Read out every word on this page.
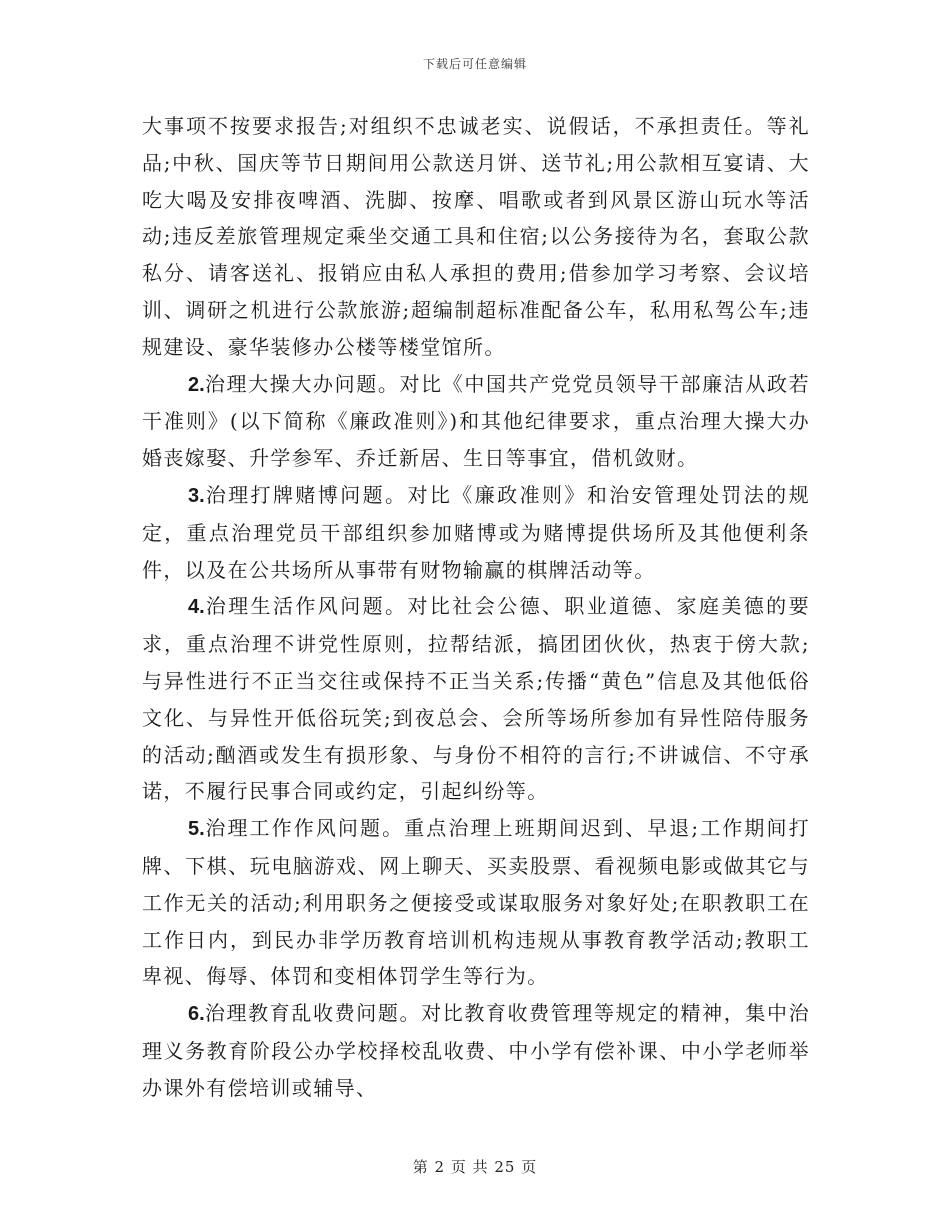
下载后可任意编辑

大事项不按要求报告;对组织不忠诚老实、说假话，不承担责任。等礼品;中秋、国庆等节日期间用公款送月饼、送节礼;用公款相互宴请、大吃大喝及安排夜啤酒、洗脚、按摩、唱歌或者到风景区游山玩水等活动;违反差旅管理规定乘坐交通工具和住宿;以公务接待为名，套取公款私分、请客送礼、报销应由私人承担的费用;借参加学习考察、会议培训、调研之机进行公款旅游;超编制超标准配备公车，私用私驾公车;违规建设、豪华装修办公楼等楼堂馆所。

2.治理大操大办问题。对比《中国共产党党员领导干部廉洁从政若干准则》(以下简称《廉政准则》)和其他纪律要求，重点治理大操大办婚丧嫁娶、升学参军、乔迁新居、生日等事宜，借机敛财。

3.治理打牌赌博问题。对比《廉政准则》和治安管理处罚法的规定，重点治理党员干部组织参加赌博或为赌博提供场所及其他便利条件，以及在公共场所从事带有财物输赢的棋牌活动等。

4.治理生活作风问题。对比社会公德、职业道德、家庭美德的要求，重点治理不讲党性原则，拉帮结派，搞团团伙伙，热衷于傍大款;与异性进行不正当交往或保持不正当关系;传播“黄色”信息及其他低俗文化、与异性开低俗玩笑;到夜总会、会所等场所参加有异性陪侍服务的活动;酗酒或发生有损形象、与身份不相符的言行;不讲诚信、不守承诺，不履行民事合同或约定，引起纠纷等。

5.治理工作作风问题。重点治理上班期间迟到、早退;工作期间打牌、下棋、玩电脑游戏、网上聊天、买卖股票、看视频电影或做其它与工作无关的活动;利用职务之便接受或谋取服务对象好处;在职教职工在工作日内，到民办非学历教育培训机构违规从事教育教学活动;教职工卑视、侮辱、体罚和变相体罚学生等行为。

6.治理教育乱收费问题。对比教育收费管理等规定的精神，集中治理义务教育阶段公办学校择校乱收费、中小学有偿补课、中小学老师举办课外有偿培训或辅导、

第 2 页 共 25 页
